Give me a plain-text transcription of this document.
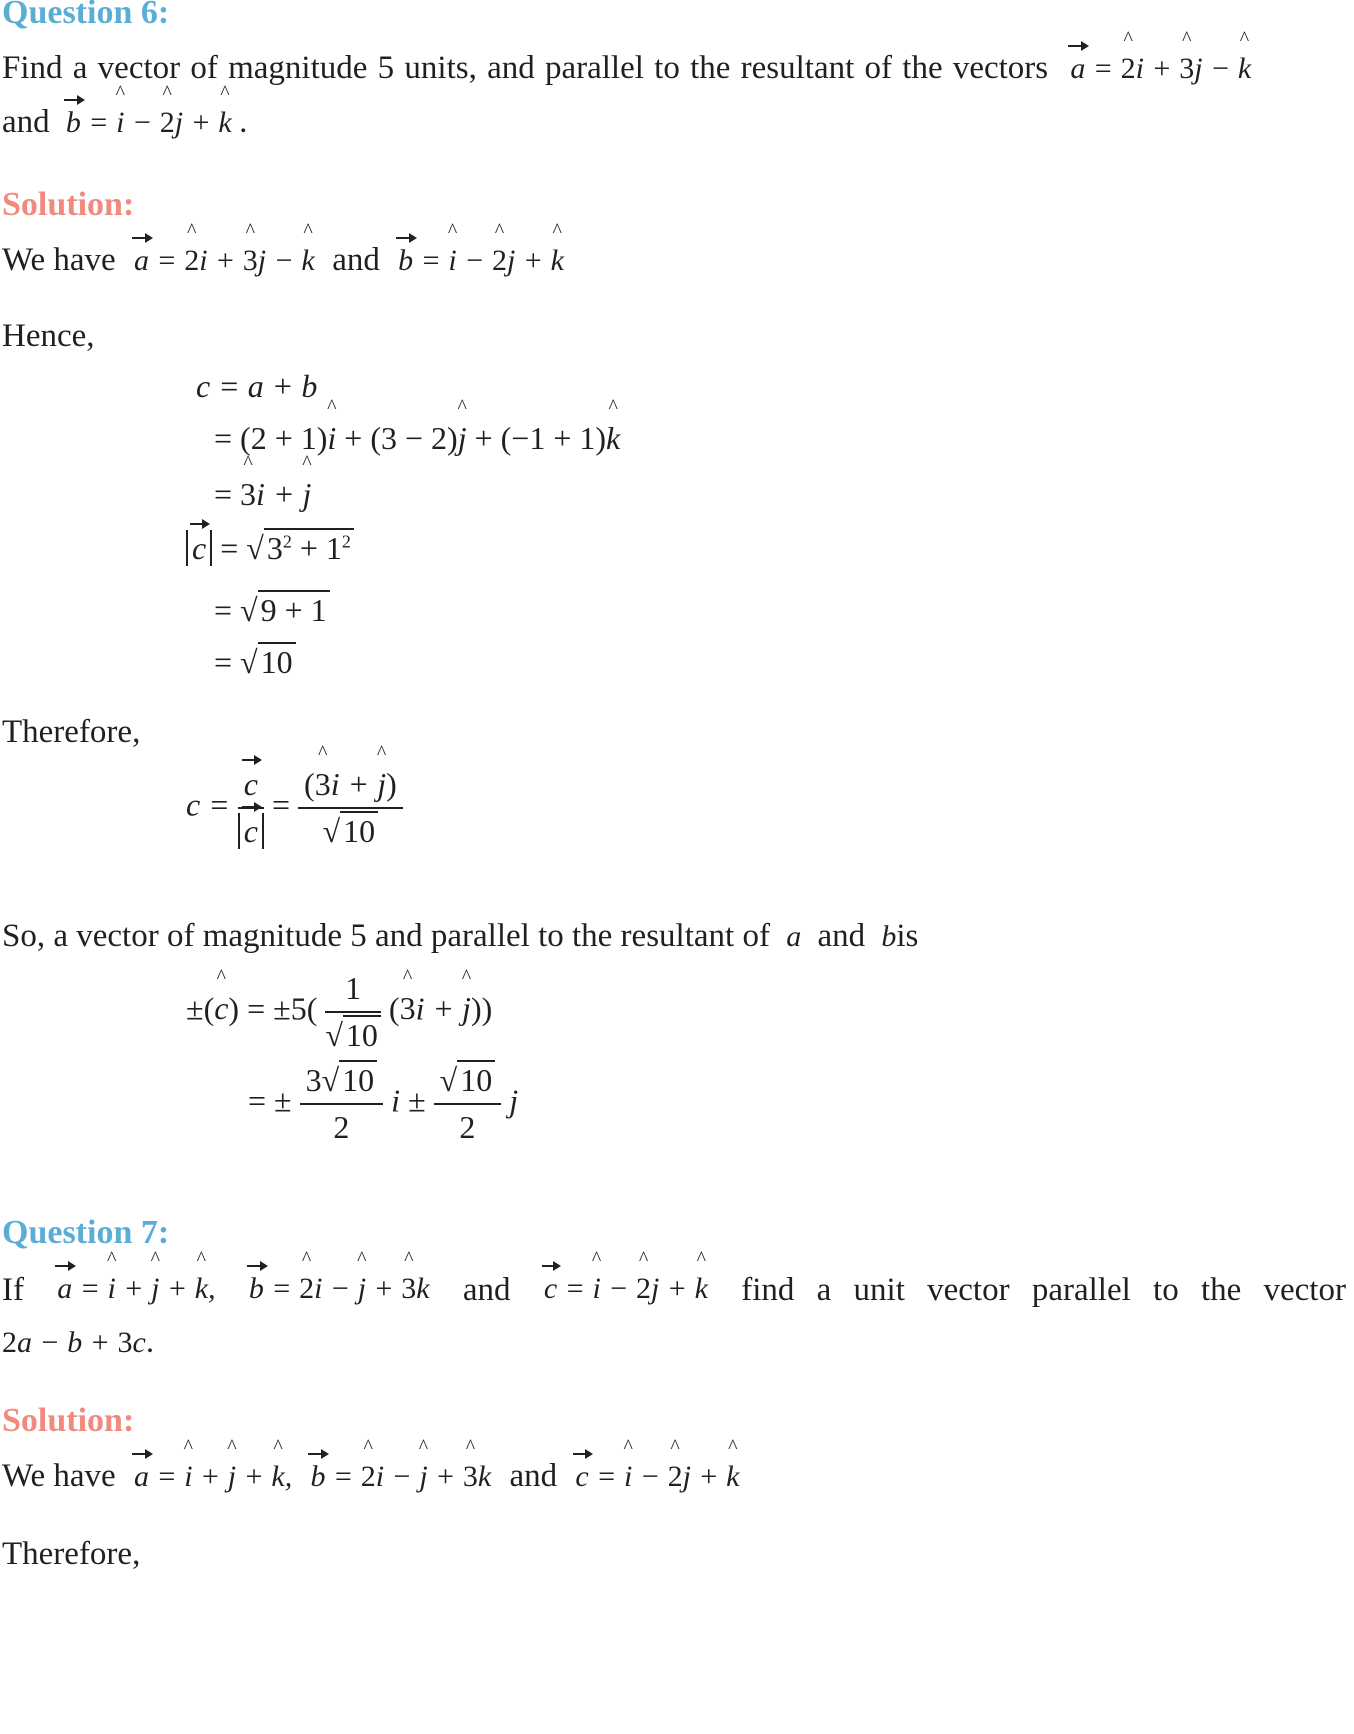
Question 6:
Find a vector of magnitude 5 units, and parallel to the resultant of the vectors a = ^ 2i + ^ 3j − ^ k
and b = ^ i − ^ 2j + ^ k .
Solution:
We have a = ^ 2i + ^ 3j − ^ k and b = ^ i − ^ 2j + ^ k
Hence,
c = a + b
= (2 + 1)^ i + (3 − 2)^ j + (−1 + 1)^ k
= ^ 3i + ^ j
$c = √3^2 + 1^2$
= √9 + 1
= √10
Therefore,
$c = \frac{c}{c} = \frac{(\^{} 3i + \^{} j)}{√10}$
So, a vector of magnitude 5 and parallel to the resultant of a and bis
±(^ $c) = \pm 5( \frac{1}{√10}$ (^ 3i + ^ j))
= ± $\frac{3√10}{2}$ $i \pm \frac{√10}{2}$ j
Question 7:
If a = ^ i + ^ j + ^ k, b = ^ 2i − ^ j + ^ 3k and c = ^ i − ^ 2j + ^ k find a unit vector parallel to the vector
2a − b + 3c.
Solution:
We have a = ^ i + ^ j + ^ k, b = ^ 2i − ^ j + ^ 3k and c = ^ i − ^ 2j + ^ k
Therefore,
